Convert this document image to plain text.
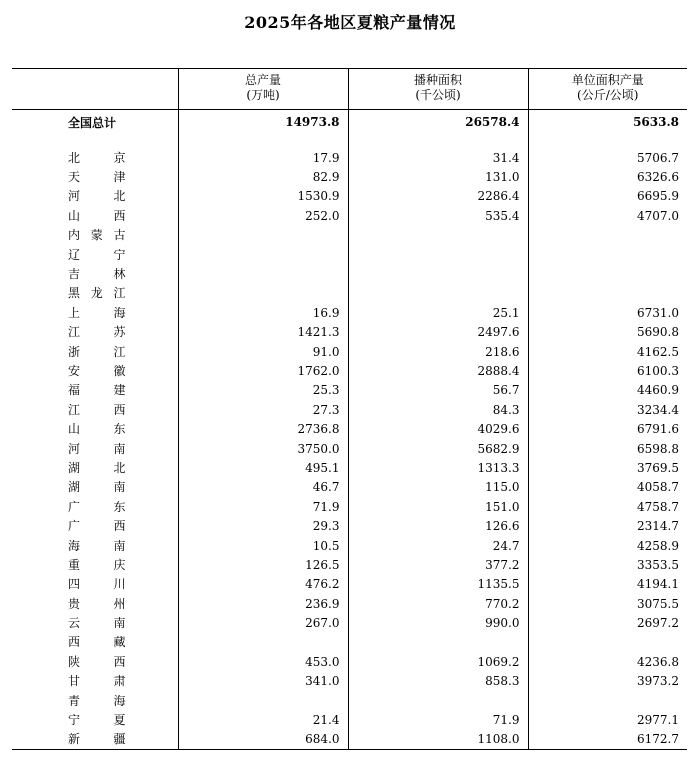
2025年各地区夏粮产量情况
	总产量	播种面积	单位面积产量
	(万吨)	(千公顷)	(公斤/公顷)
全国总计	14973.8	26578.4	5633.8

北京	17.9	31.4	5706.7
天津	82.9	131.0	6326.6
河北	1530.9	2286.4	6695.9
山西	252.0	535.4	4707.0
内蒙古			
辽宁			
吉林			
黑龙江			
上海	16.9	25.1	6731.0
江苏	1421.3	2497.6	5690.8
浙江	91.0	218.6	4162.5
安徽	1762.0	2888.4	6100.3
福建	25.3	56.7	4460.9
江西	27.3	84.3	3234.4
山东	2736.8	4029.6	6791.6
河南	3750.0	5682.9	6598.8
湖北	495.1	1313.3	3769.5
湖南	46.7	115.0	4058.7
广东	71.9	151.0	4758.7
广西	29.3	126.6	2314.7
海南	10.5	24.7	4258.9
重庆	126.5	377.2	3353.5
四川	476.2	1135.5	4194.1
贵州	236.9	770.2	3075.5
云南	267.0	990.0	2697.2
西藏			
陕西	453.0	1069.2	4236.8
甘肃	341.0	858.3	3973.2
青海			
宁夏	21.4	71.9	2977.1
新疆	684.0	1108.0	6172.7
